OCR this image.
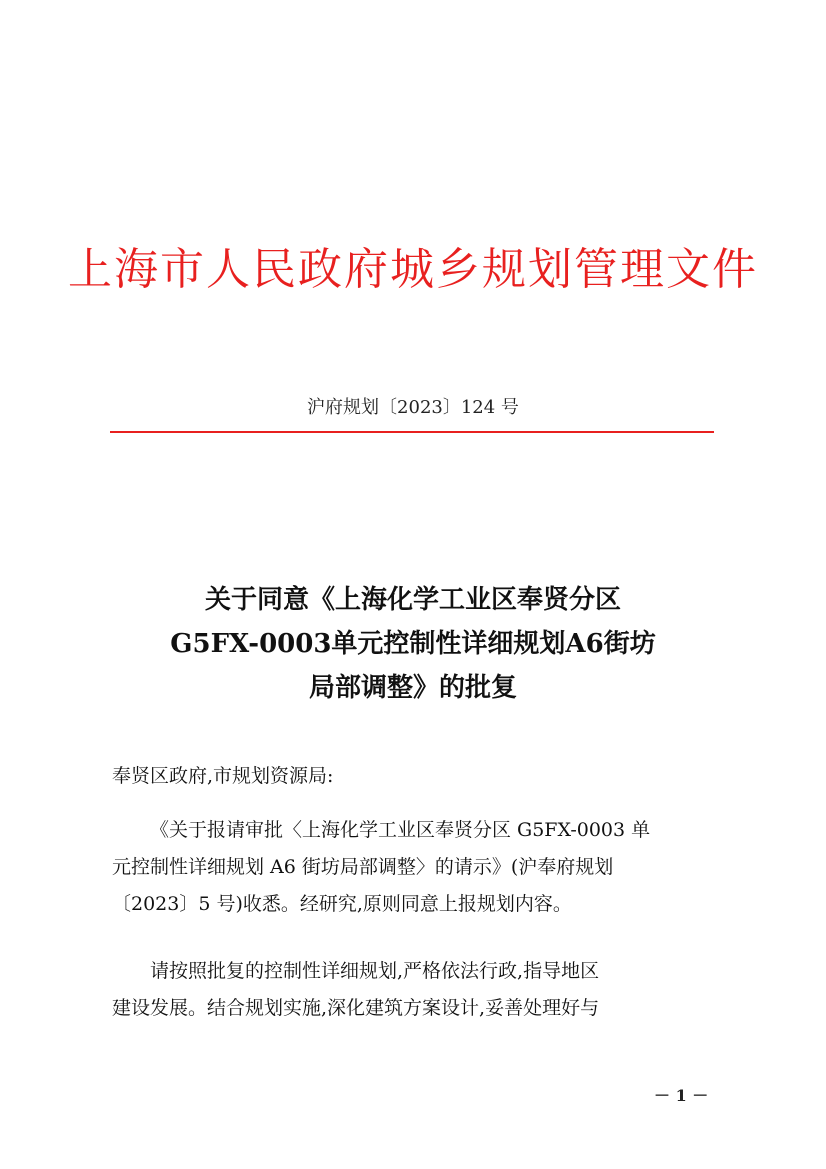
上海市人民政府城乡规划管理文件
沪府规划〔2023〕124 号
关于同意《上海化学工业区奉贤分区
G5FX-0003单元控制性详细规划A6街坊
局部调整》的批复
奉贤区政府,市规划资源局:
《关于报请审批〈上海化学工业区奉贤分区 G5FX-0003 单
元控制性详细规划 A6 街坊局部调整〉的请示》(沪奉府规划
〔2023〕5 号)收悉。经研究,原则同意上报规划内容。
请按照批复的控制性详细规划,严格依法行政,指导地区
建设发展。结合规划实施,深化建筑方案设计,妥善处理好与
－ 1 －
